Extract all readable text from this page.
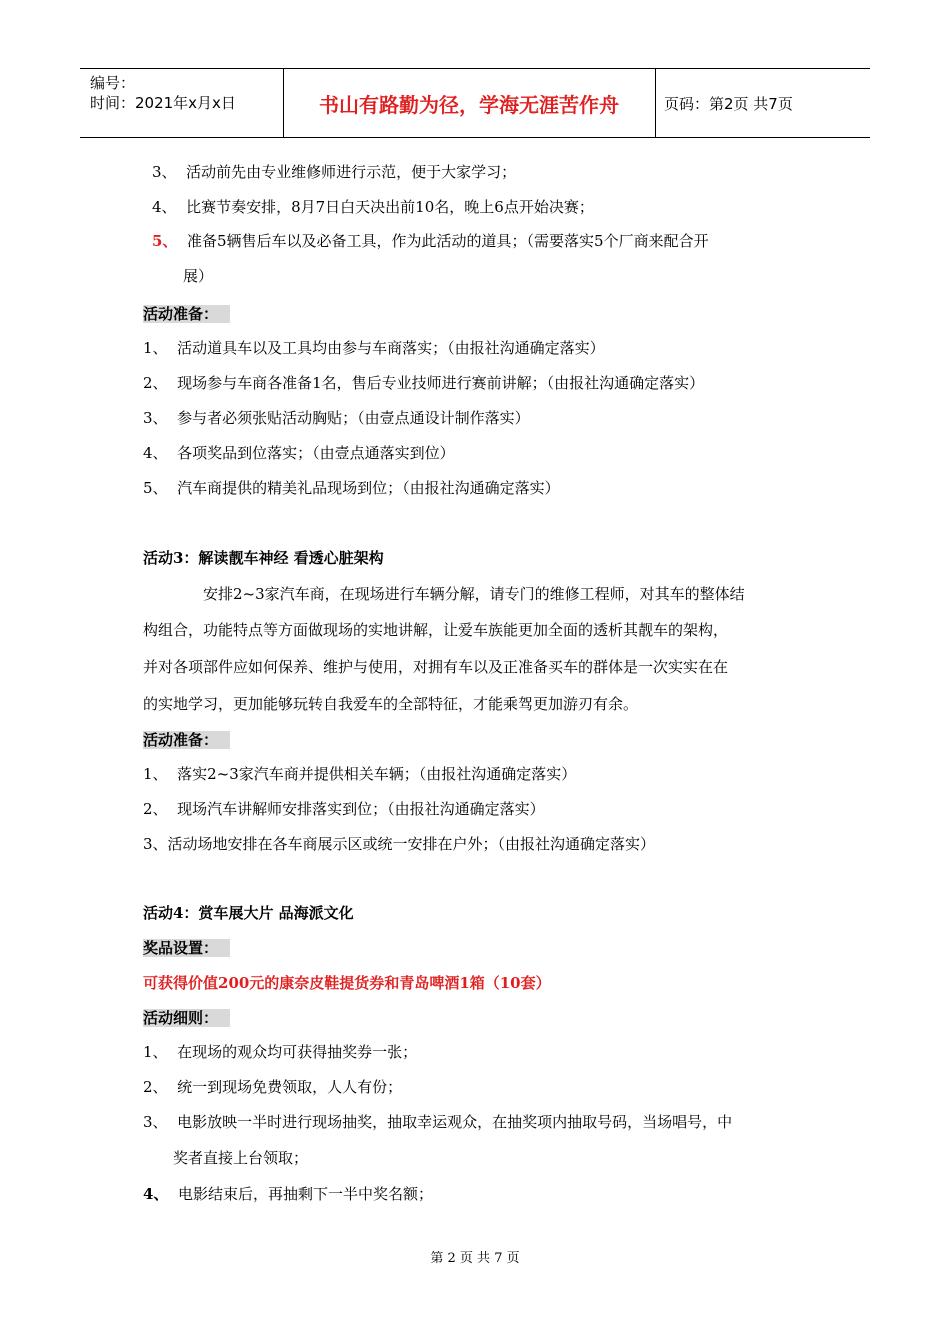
编号：
时间：2021年x月x日	书山有路勤为径，学海无涯苦作舟	页码：第2页 共7页
3、 活动前先由专业维修师进行示范，便于大家学习；
4、 比赛节奏安排，8月7日白天决出前10名，晚上6点开始决赛；
5、 准备5辆售后车以及必备工具，作为此活动的道具；（需要落实5个厂商来配合开
展）
活动准备：
1、 活动道具车以及工具均由参与车商落实；（由报社沟通确定落实）
2、 现场参与车商各准备1名，售后专业技师进行赛前讲解；（由报社沟通确定落实）
3、 参与者必须张贴活动胸贴；（由壹点通设计制作落实）
4、 各项奖品到位落实；（由壹点通落实到位）
5、 汽车商提供的精美礼品现场到位；（由报社沟通确定落实）
活动3：解读靓车神经 看透心脏架构
安排2~3家汽车商，在现场进行车辆分解，请专门的维修工程师，对其车的整体结
构组合，功能特点等方面做现场的实地讲解，让爱车族能更加全面的透析其靓车的架构，
并对各项部件应如何保养、维护与使用，对拥有车以及正准备买车的群体是一次实实在在
的实地学习，更加能够玩转自我爱车的全部特征，才能乘驾更加游刃有余。
活动准备：
1、 落实2~3家汽车商并提供相关车辆；（由报社沟通确定落实）
2、 现场汽车讲解师安排落实到位；（由报社沟通确定落实）
3、活动场地安排在各车商展示区或统一安排在户外；（由报社沟通确定落实）
活动4：赏车展大片 品海派文化
奖品设置：
可获得价值200元的康奈皮鞋提货券和青岛啤酒1箱（10套）
活动细则：
1、 在现场的观众均可获得抽奖券一张；
2、 统一到现场免费领取，人人有份；
3、 电影放映一半时进行现场抽奖，抽取幸运观众，在抽奖项内抽取号码，当场唱号，中
奖者直接上台领取；
4、 电影结束后，再抽剩下一半中奖名额；
第 2 页 共 7 页
